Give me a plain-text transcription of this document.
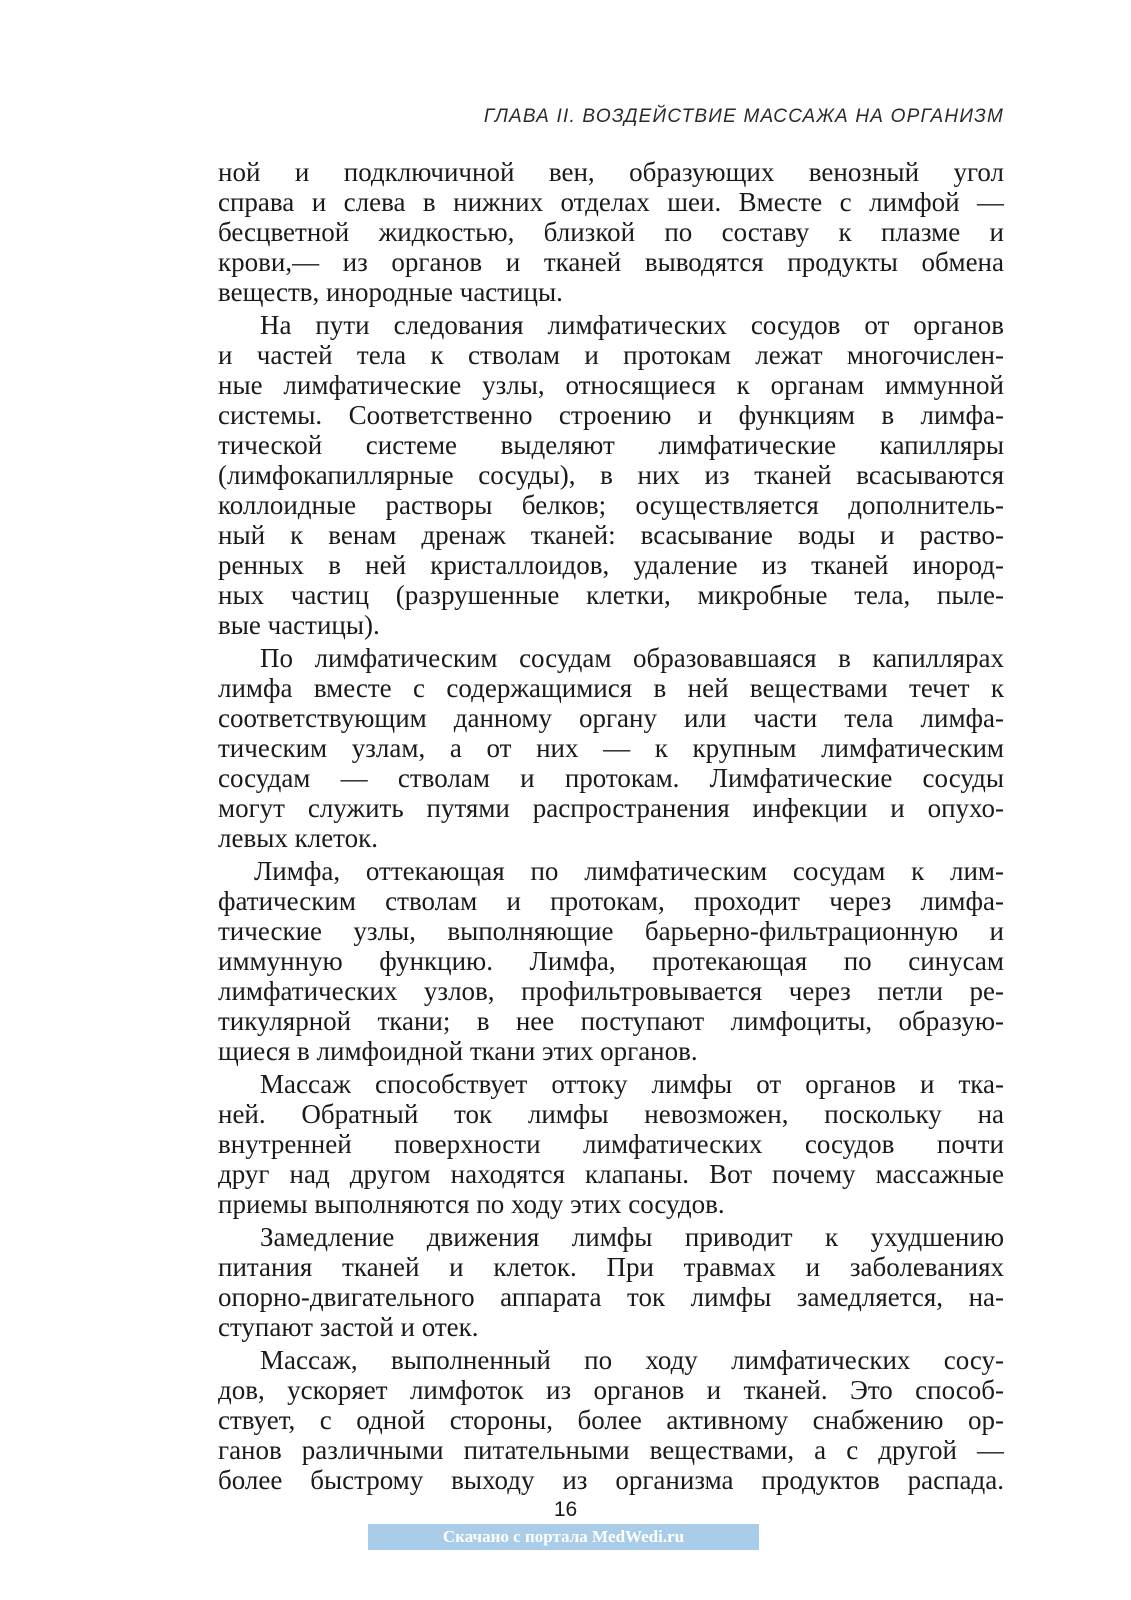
ГЛАВА II. ВОЗДЕЙСТВИЕ МАССАЖА НА ОРГАНИЗМ

ной и подключичной вен, образующих венозный угол
справа и слева в нижних отделах шеи. Вместе с лимфой —
бесцветной жидкостью, близкой по составу к плазме и
крови,— из органов и тканей выводятся продукты обмена
веществ, инородные частицы.

На пути следования лимфатических сосудов от органов
и частей тела к стволам и протокам лежат многочислен-
ные лимфатические узлы, относящиеся к органам иммунной
системы. Соответственно строению и функциям в лимфа-
тической системе выделяют лимфатические капилляры
(лимфокапиллярные сосуды), в них из тканей всасываются
коллоидные растворы белков; осуществляется дополнитель-
ный к венам дренаж тканей: всасывание воды и раство-
ренных в ней кристаллоидов, удаление из тканей инород-
ных частиц (разрушенные клетки, микробные тела, пыле-
вые частицы).

По лимфатическим сосудам образовавшаяся в капиллярах
лимфа вместе с содержащимися в ней веществами течет к
соответствующим данному органу или части тела лимфа-
тическим узлам, а от них — к крупным лимфатическим
сосудам — стволам и протокам. Лимфатические сосуды
могут служить путями распространения инфекции и опухо-
левых клеток.

Лимфа, оттекающая по лимфатическим сосудам к лим-
фатическим стволам и протокам, проходит через лимфа-
тические узлы, выполняющие барьерно-фильтрационную и
иммунную функцию. Лимфа, протекающая по синусам
лимфатических узлов, профильтровывается через петли ре-
тикулярной ткани; в нее поступают лимфоциты, образую-
щиеся в лимфоидной ткани этих органов.

Массаж способствует оттоку лимфы от органов и тка-
ней. Обратный ток лимфы невозможен, поскольку на
внутренней поверхности лимфатических сосудов почти
друг над другом находятся клапаны. Вот почему массажные
приемы выполняются по ходу этих сосудов.

Замедление движения лимфы приводит к ухудшению
питания тканей и клеток. При травмах и заболеваниях
опорно-двигательного аппарата ток лимфы замедляется, на-
ступают застой и отек.

Массаж, выполненный по ходу лимфатических сосу-
дов, ускоряет лимфоток из органов и тканей. Это способ-
ствует, с одной стороны, более активному снабжению ор-
ганов различными питательными веществами, а с другой —
более быстрому выходу из организма продуктов распада.

16
Скачано с портала MedWedi.ru
